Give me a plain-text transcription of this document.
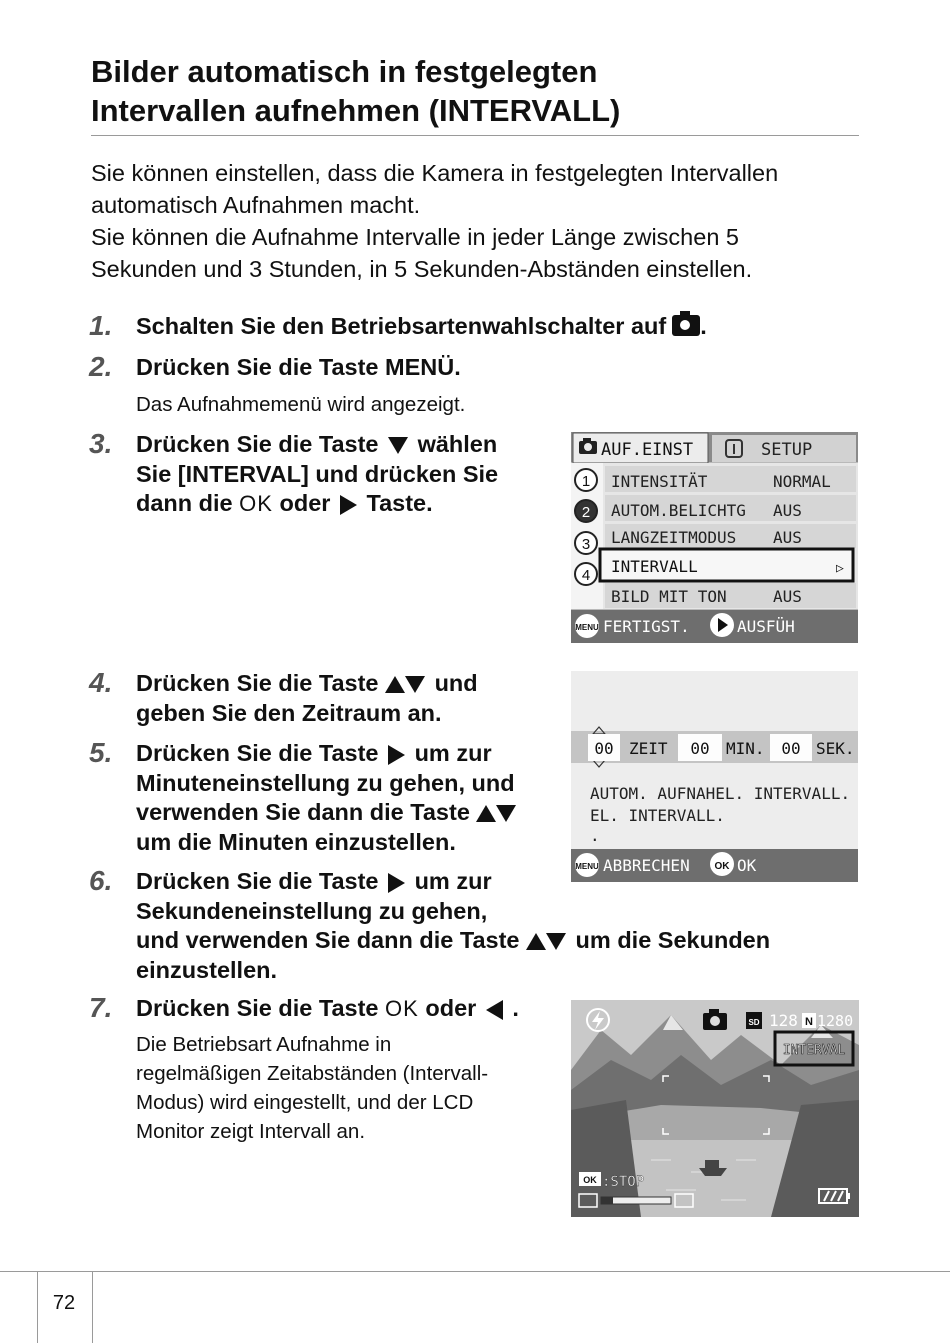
Bilder automatisch in festgelegten
Intervallen aufnehmen (INTERVALL)
Sie können einstellen, dass die Kamera in festgelegten Intervallen
automatisch Aufnahmen macht.
Sie können die Aufnahme Intervalle in jeder Länge zwischen 5
Sekunden und 3 Stunden, in 5 Sekunden-Abständen einstellen.
1. Schalten Sie den Betriebsartenwahlschalter auf .
2. Drücken Sie die Taste MENÜ.
Das Aufnahmemenü wird angezeigt.
3. Drücken Sie die Taste wählen
Sie [INTERVAL] und drücken Sie
dann die OK oder Taste.
AUF.EINST	SETUP
1
2
3
4
INTENSITÄT	NORMAL
AUTOM.BELICHTG AUS
LANGZEITMODUS AUS
INTERVALL	▷
BILD MIT TON	AUS
MENU FERTIGST.	AUSFÜH
4. Drücken Sie die Taste und
geben Sie den Zeitraum an.
5. Drücken Sie die Taste um zur
Minuteneinstellung zu gehen, und
verwenden Sie dann die Taste
um die Minuten einzustellen.
00 ZEIT 00 MIN. 00 SEK.
AUTOM. AUFNAHEL. INTERVALL.
EL. INTERVALL.
.
MENU ABBRECHEN OK OK
6. Drücken Sie die Taste um zur
Sekundeneinstellung zu gehen,
und verwenden Sie dann die Taste um die Sekunden
einzustellen.
7. Drücken Sie die Taste OK oder .
Die Betriebsart Aufnahme in
regelmäßigen Zeitabständen (Intervall-
Modus) wird eingestellt, und der LCD
Monitor zeigt Intervall an.
SD 128 N 1280
INTERVAL
OK :STOP
72
